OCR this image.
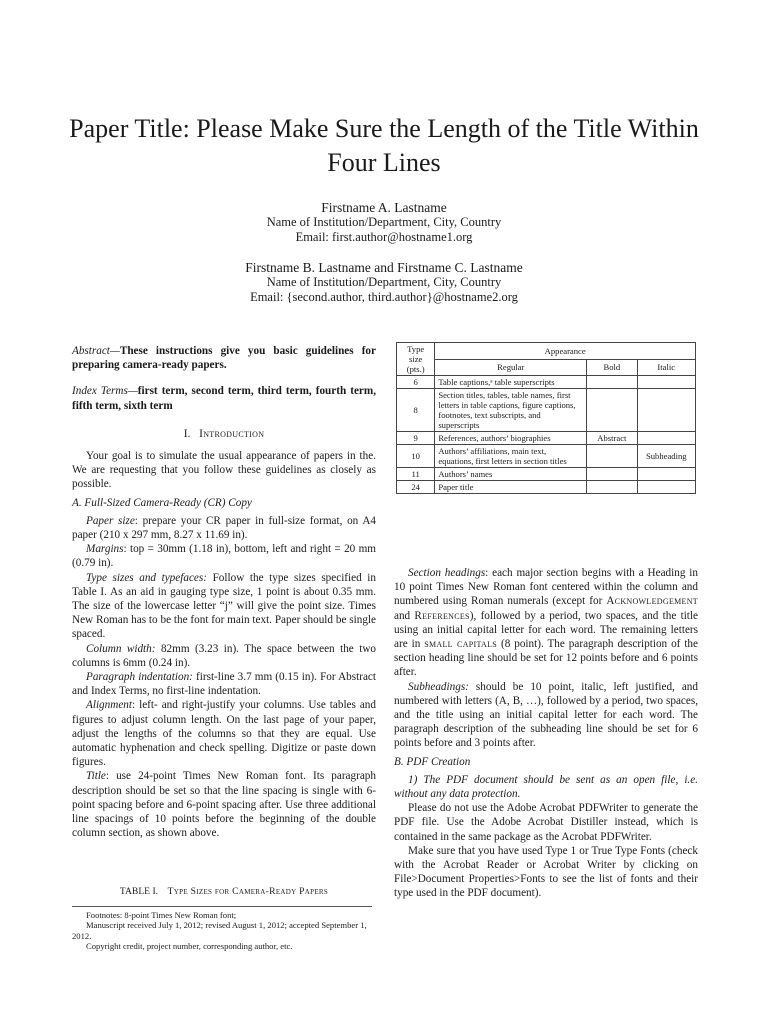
Paper Title: Please Make Sure the Length of the Title Within Four Lines
Firstname A. Lastname
Name of Institution/Department, City, Country
Email: first.author@hostname1.org
Firstname B. Lastname and Firstname C. Lastname
Name of Institution/Department, City, Country
Email: {second.author, third.author}@hostname2.org

Abstract—These instructions give you basic guidelines for preparing camera-ready papers.

Index Terms—first term, second term, third term, fourth term, fifth term, sixth term

I. Introduction

Your goal is to simulate the usual appearance of papers in the. We are requesting that you follow these guidelines as closely as possible.

A. Full-Sized Camera-Ready (CR) Copy

Paper size: prepare your CR paper in full-size format, on A4 paper (210 x 297 mm, 8.27 x 11.69 in).

Margins: top = 30mm (1.18 in), bottom, left and right = 20 mm (0.79 in).

Type sizes and typefaces: Follow the type sizes specified in Table I. As an aid in gauging type size, 1 point is about 0.35 mm. The size of the lowercase letter “j” will give the point size. Times New Roman has to be the font for main text. Paper should be single spaced.

Column width: 82mm (3.23 in). The space between the two columns is 6mm (0.24 in).

Paragraph indentation: first-line 3.7 mm (0.15 in). For Abstract and Index Terms, no first-line indentation.

Alignment: left- and right-justify your columns. Use tables and figures to adjust column length. On the last page of your paper, adjust the lengths of the columns so that they are equal. Use automatic hyphenation and check spelling. Digitize or paste down figures.

Title: use 24-point Times New Roman font. Its paragraph description should be set so that the line spacing is single with 6-point spacing before and 6-point spacing after. Use three additional line spacings of 10 points before the beginning of the double column section, as shown above.

Type size (pts.)	Appearance		
	Regular	Bold	Italic
6	Table captions,ᵃ table superscripts		
8	Section titles, tables, table names, first letters in table captions, figure captions, footnotes, text subscripts, and superscripts		
9	References, authors’ biographies	Abstract	
10	Authors’ affiliations, main text, equations, first letters in section titles		Subheading
11	Authors’ names		
24	Paper title		

Section headings: each major section begins with a Heading in 10 point Times New Roman font centered within the column and numbered using Roman numerals (except for Acknowledgement and References), followed by a period, two spaces, and the title using an initial capital letter for each word. The remaining letters are in small capitals (8 point). The paragraph description of the section heading line should be set for 12 points before and 6 points after.

Subheadings: should be 10 point, italic, left justified, and numbered with letters (A, B, …), followed by a period, two spaces, and the title using an initial capital letter for each word. The paragraph description of the subheading line should be set for 6 points before and 3 points after.

B. PDF Creation

1) The PDF document should be sent as an open file, i.e. without any data protection.

Please do not use the Adobe Acrobat PDFWriter to generate the PDF file. Use the Adobe Acrobat Distiller instead, which is contained in the same package as the Acrobat PDFWriter.

Make sure that you have used Type 1 or True Type Fonts (check with the Acrobat Reader or Acrobat Writer by clicking on File>Document Properties>Fonts to see the list of fonts and their type used in the PDF document).

TABLE I. Type Sizes for Camera-Ready Papers

Footnotes: 8-point Times New Roman font;

Manuscript received July 1, 2012; revised August 1, 2012; accepted September 1, 2012.

Copyright credit, project number, corresponding author, etc.
